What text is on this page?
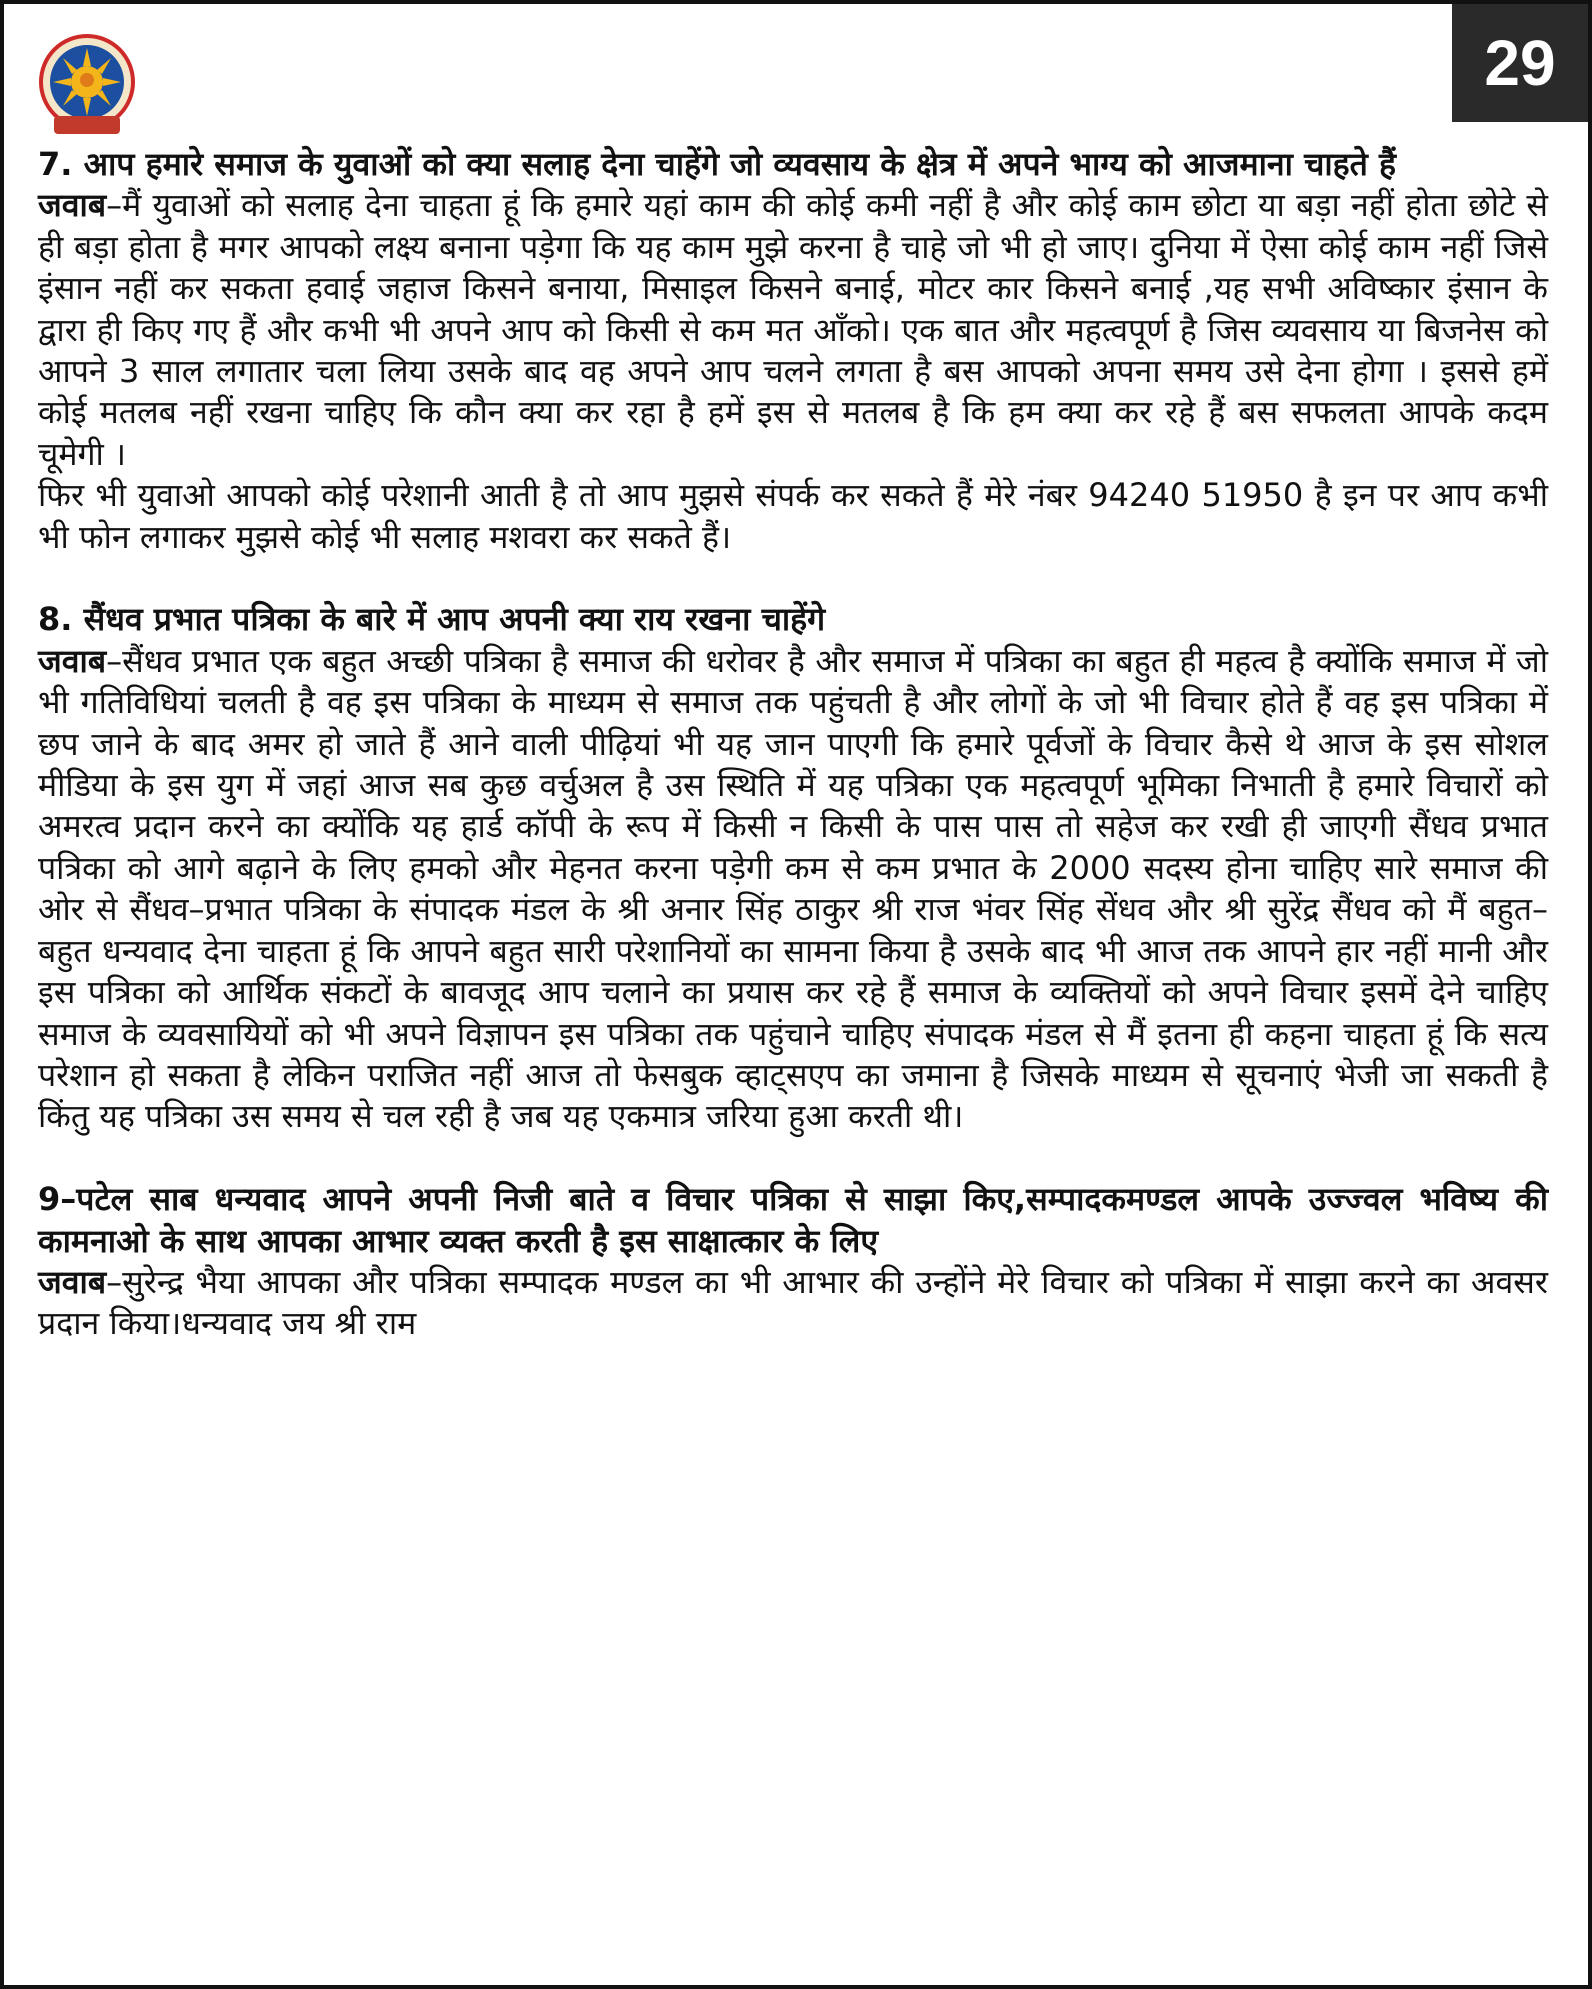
29

7. आप हमारे समाज के युवाओं को क्या सलाह देना चाहेंगे जो व्यवसाय के क्षेत्र में अपने भाग्य को आजमाना चाहते हैं

जवाब–मैं युवाओं को सलाह देना चाहता हूं कि हमारे यहां काम की कोई कमी नहीं है और कोई काम छोटा या बड़ा नहीं होता छोटे से ही बड़ा होता है मगर आपको लक्ष्य बनाना पड़ेगा कि यह काम मुझे करना है चाहे जो भी हो जाए। दुनिया में ऐसा कोई काम नहीं जिसे इंसान नहीं कर सकता हवाई जहाज किसने बनाया, मिसाइल किसने बनाई, मोटर कार किसने बनाई ,यह सभी अविष्कार इंसान के द्वारा ही किए गए हैं और कभी भी अपने आप को किसी से कम मत आँको। एक बात और महत्वपूर्ण है जिस व्यवसाय या बिजनेस को आपने 3 साल लगातार चला लिया उसके बाद वह अपने आप चलने लगता है बस आपको अपना समय उसे देना होगा । इससे हमें कोई मतलब नहीं रखना चाहिए कि कौन क्या कर रहा है हमें इस से मतलब है कि हम क्या कर रहे हैं बस सफलता आपके कदम चूमेगी ।

फिर भी युवाओ आपको कोई परेशानी आती है तो आप मुझसे संपर्क कर सकते हैं मेरे नंबर 94240 51950 है इन पर आप कभी भी फोन लगाकर मुझसे कोई भी सलाह मशवरा कर सकते हैं।

8. सैंधव प्रभात पत्रिका के बारे में आप अपनी क्या राय रखना चाहेंगे

जवाब–सैंधव प्रभात एक बहुत अच्छी पत्रिका है समाज की धरोवर है और समाज में पत्रिका का बहुत ही महत्व है क्योंकि समाज में जो भी गतिविधियां चलती है वह इस पत्रिका के माध्यम से समाज तक पहुंचती है और लोगों के जो भी विचार होते हैं वह इस पत्रिका में छप जाने के बाद अमर हो जाते हैं आने वाली पीढ़ियां भी यह जान पाएगी कि हमारे पूर्वजों के विचार कैसे थे आज के इस सोशल मीडिया के इस युग में जहां आज सब कुछ वर्चुअल है उस स्थिति में यह पत्रिका एक महत्वपूर्ण भूमिका निभाती है हमारे विचारों को अमरत्व प्रदान करने का क्योंकि यह हार्ड कॉपी के रूप में किसी न किसी के पास पास तो सहेज कर रखी ही जाएगी सैंधव प्रभात पत्रिका को आगे बढ़ाने के लिए हमको और मेहनत करना पड़ेगी कम से कम प्रभात के 2000 सदस्य होना चाहिए सारे समाज की ओर से सैंधव–प्रभात पत्रिका के संपादक मंडल के श्री अनार सिंह ठाकुर श्री राज भंवर सिंह सेंधव और श्री सुरेंद्र सैंधव को मैं बहुत–बहुत धन्यवाद देना चाहता हूं कि आपने बहुत सारी परेशानियों का सामना किया है उसके बाद भी आज तक आपने हार नहीं मानी और इस पत्रिका को आर्थिक संकटों के बावजूद आप चलाने का प्रयास कर रहे हैं समाज के व्यक्तियों को अपने विचार इसमें देने चाहिए समाज के व्यवसायियों को भी अपने विज्ञापन इस पत्रिका तक पहुंचाने चाहिए संपादक मंडल से मैं इतना ही कहना चाहता हूं कि सत्य परेशान हो सकता है लेकिन पराजित नहीं आज तो फेसबुक व्हाट्सएप का जमाना है जिसके माध्यम से सूचनाएं भेजी जा सकती है किंतु यह पत्रिका उस समय से चल रही है जब यह एकमात्र जरिया हुआ करती थी।

9–पटेल साब धन्यवाद आपने अपनी निजी बाते व विचार पत्रिका से साझा किए,सम्पादकमण्डल आपके उज्ज्वल भविष्य की कामनाओ के साथ आपका आभार व्यक्त करती है इस साक्षात्कार के लिए

जवाब–सुरेन्द्र भैया आपका और पत्रिका सम्पादक मण्डल का भी आभार की उन्होंने मेरे विचार को पत्रिका में साझा करने का अवसर प्रदान किया।धन्यवाद जय श्री राम
